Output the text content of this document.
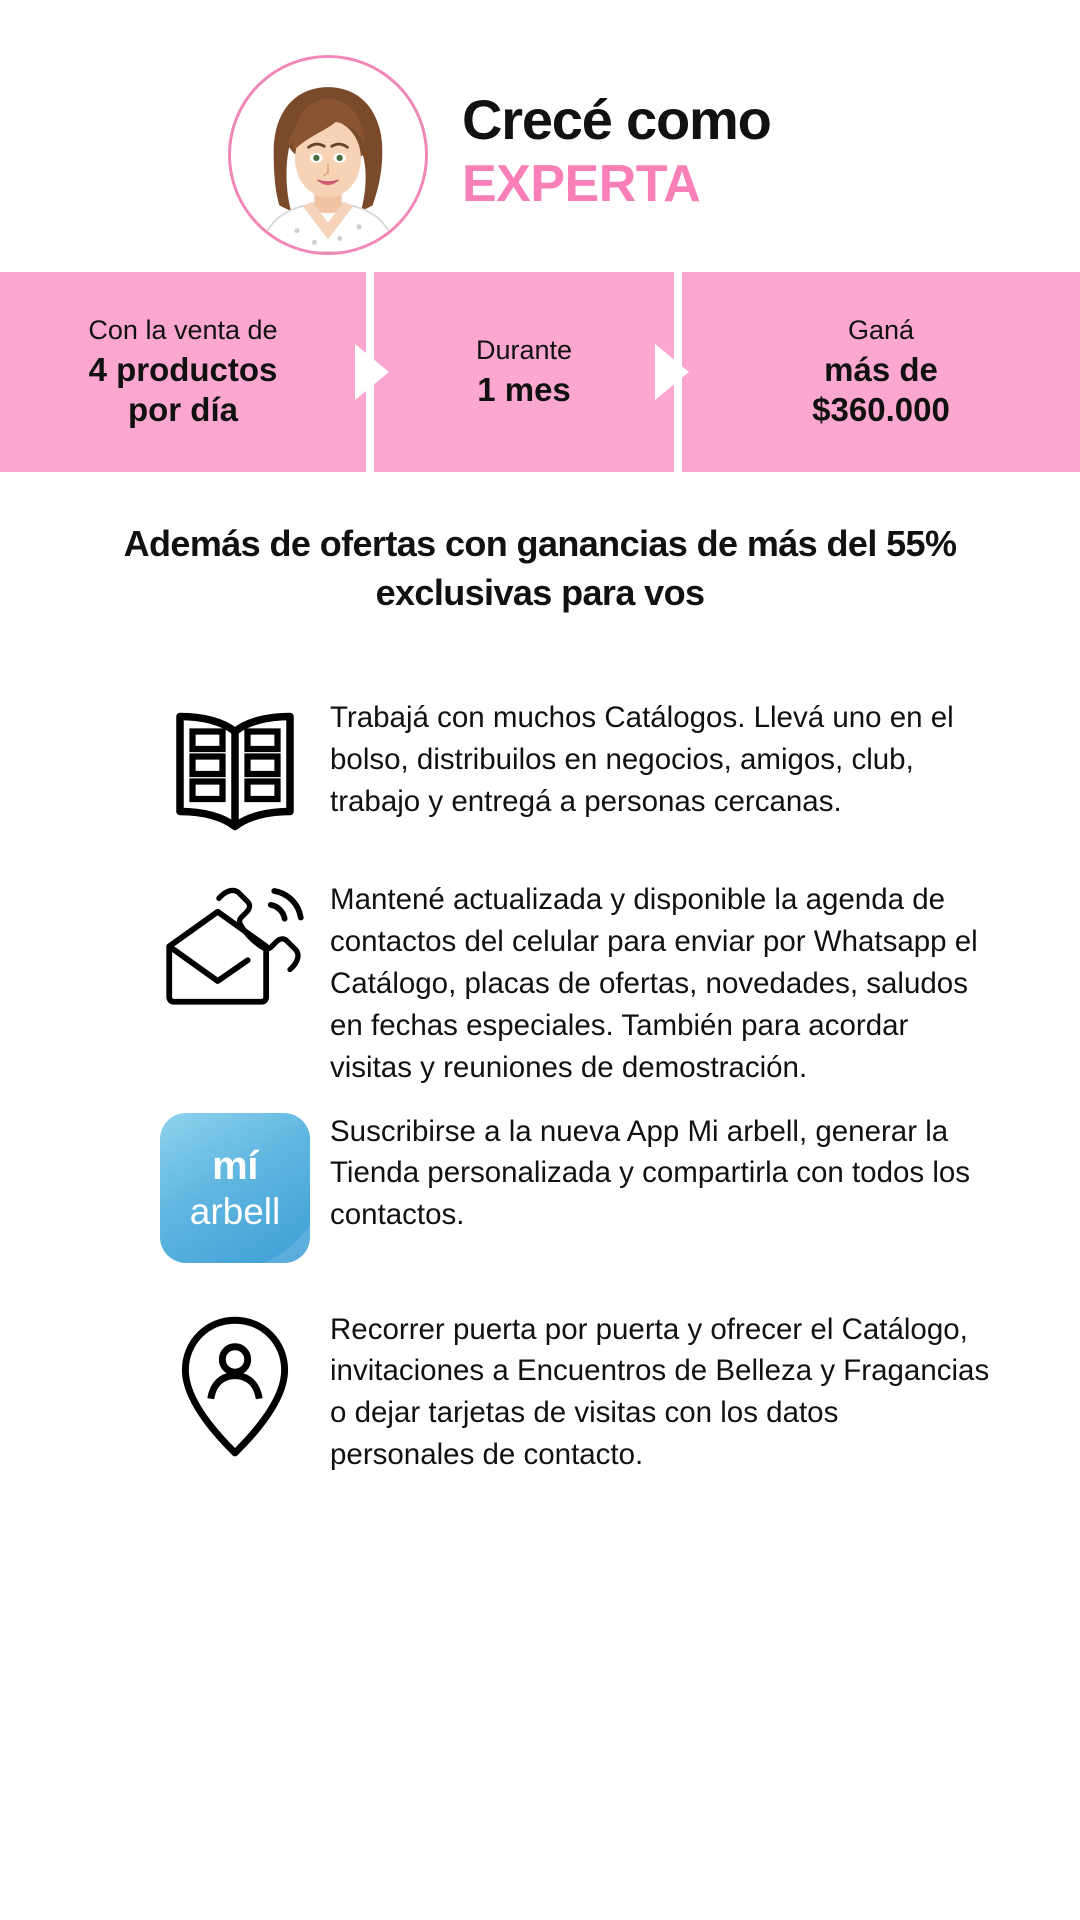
Crecé como
EXPERTA
Con la venta de
4 productos
por día
Durante
1 mes
Ganá
más de
$360.000
Además de ofertas con ganancias de más del 55% exclusivas para vos
Trabajá con muchos Catálogos. Llevá uno en el bolso, distribuilos en negocios, amigos, club, trabajo y entregá a personas cercanas.
Mantené actualizada y disponible la agenda de contactos del celular para enviar por Whatsapp el Catálogo, placas de ofertas, novedades, saludos en fechas especiales. También para acordar visitas y reuniones de demostración.
mí
arbell
Suscribirse a la nueva App Mi arbell, generar la Tienda personalizada y compartirla con todos los contactos.
Recorrer puerta por puerta y ofrecer el Catálogo, invitaciones a Encuentros de Belleza y Fragancias o dejar tarjetas de visitas con los datos personales de contacto.
